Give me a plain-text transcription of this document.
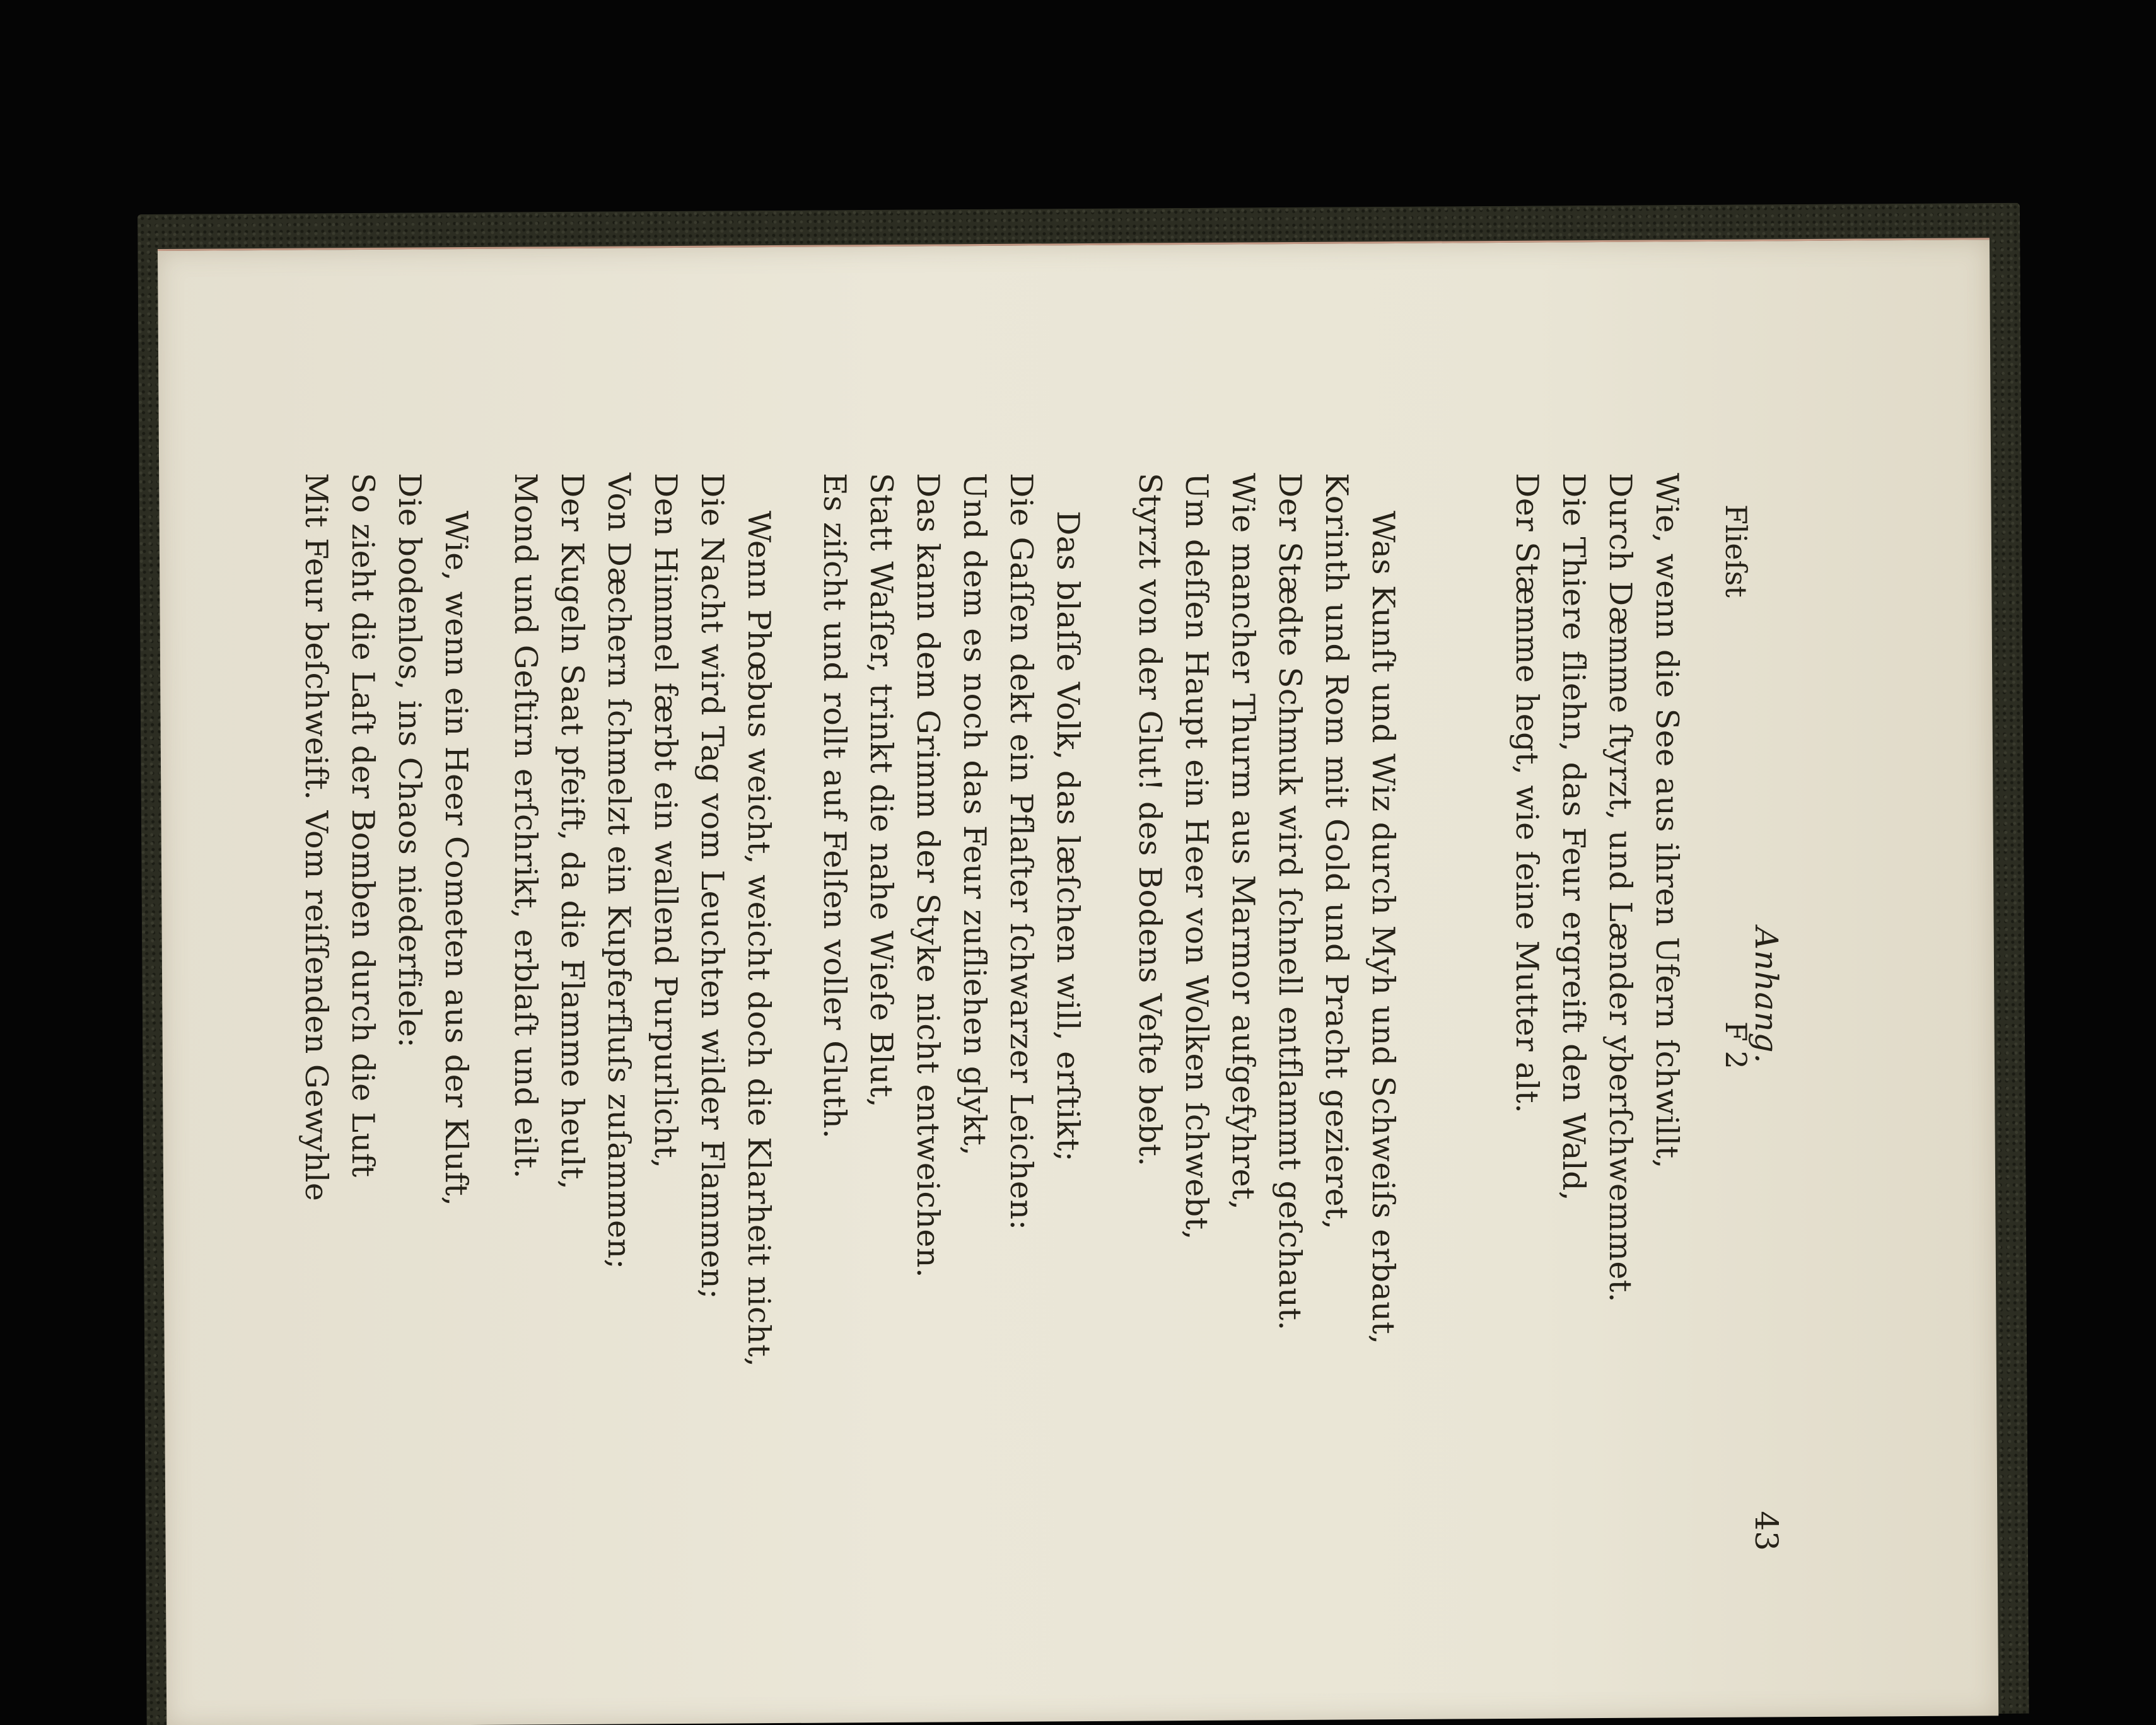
Anhang.
43
Wie, wenn die See aus ihren Ufern ſchwillt,
Durch Dæmme ſtyrzt, und Lænder yberſchwemmet.
Die Thiere fliehn, das Feur ergreift den Wald,
Der Stæmme hegt, wie ſeine Mutter alt.
Was Kunſt und Wiz durch Myh und Schweiſs erbaut,
Korinth und Rom mit Gold und Pracht gezieret,
Der Stædte Schmuk wird ſchnell entflammt geſchaut.
Wie mancher Thurm aus Marmor aufgefyhret,
Um deſſen Haupt ein Heer von Wolken ſchwebt,
Styrzt von der Glut! des Bodens Veſte bebt.
Das blaſſe Volk, das læſchen will, erſtikt;
Die Gaſſen dekt ein Pflaſter ſchwarzer Leichen:
Und dem es noch das Feur zufliehen glykt,
Das kann dem Grimm der Styke nicht entweichen.
Statt Waſſer, trinkt die nahe Wieſe Blut,
Es ziſcht und rollt auf Felſen voller Gluth.
Wenn Phœbus weicht, weicht doch die Klarheit nicht,
Die Nacht wird Tag vom Leuchten wilder Flammen;
Den Himmel færbt ein wallend Purpurlicht,
Von Dæchern ſchmelzt ein Kupferfluſs zuſammen;
Der Kugeln Saat pfeift, da die Flamme heult,
Mond und Geſtirn erſchrikt, erblaſt und eilt.
Wie, wenn ein Heer Cometen aus der Kluft,
Die bodenlos, ins Chaos niederfiele:
So zieht die Laſt der Bomben durch die Luft
Mit Feur beſchweift. Vom reiſſenden Gewyhle	F 2
Flieſst
